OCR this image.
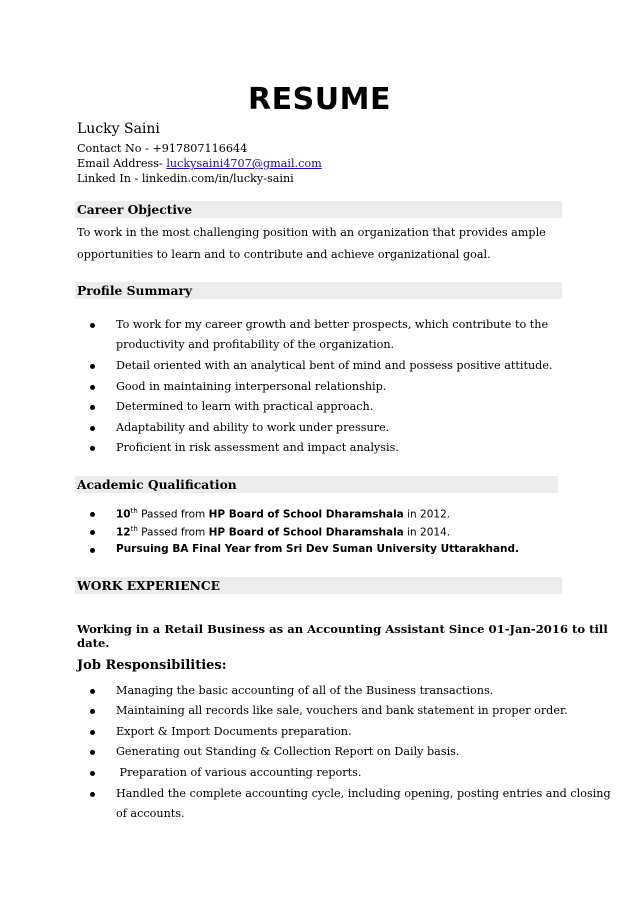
RESUME
Lucky Saini
Contact No - +917807116644
Email Address- luckysaini4707@gmail.com
Linked In - linkedin.com/in/lucky-saini
Career Objective
To work in the most challenging position with an organization that provides ample
opportunities to learn and to contribute and achieve organizational goal.
Profile Summary
To work for my career growth and better prospects, which contribute to the
productivity and profitability of the organization.
Detail oriented with an analytical bent of mind and possess positive attitude.
Good in maintaining interpersonal relationship.
Determined to learn with practical approach.
Adaptability and ability to work under pressure.
Proficient in risk assessment and impact analysis.
Academic Qualification
10th Passed from HP Board of School Dharamshala in 2012.
12th Passed from HP Board of School Dharamshala in 2014.
Pursuing BA Final Year from Sri Dev Suman University Uttarakhand.
WORK EXPERIENCE
Working in a Retail Business as an Accounting Assistant Since 01-Jan-2016 to till date.
Job Responsibilities:
Managing the basic accounting of all of the Business transactions.
Maintaining all records like sale, vouchers and bank statement in proper order.
Export & Import Documents preparation.
Generating out Standing & Collection Report on Daily basis.
Preparation of various accounting reports.
Handled the complete accounting cycle, including opening, posting entries and closing
of accounts.
